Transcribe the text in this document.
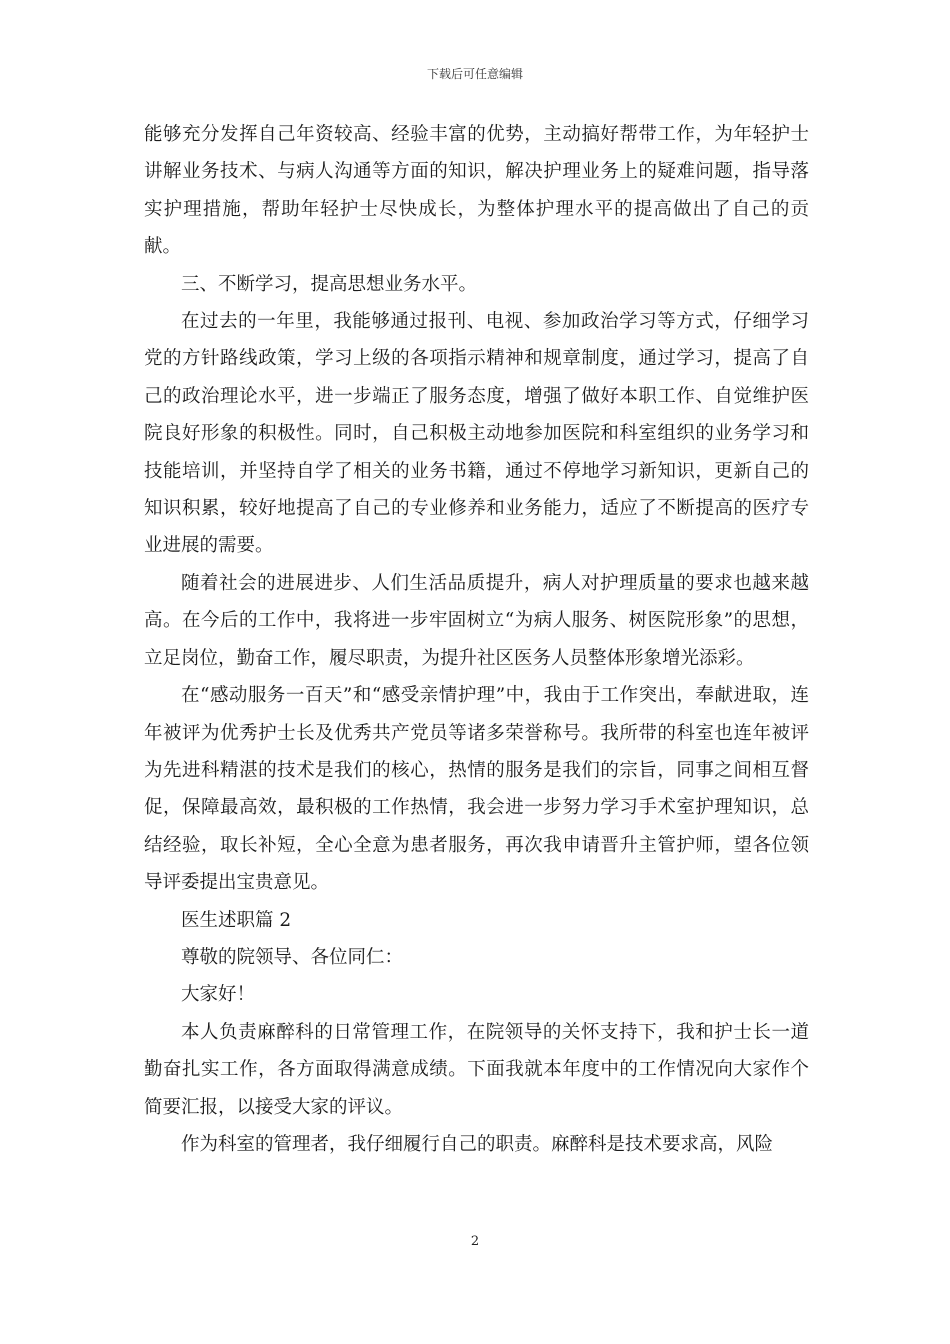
下载后可任意编辑

能够充分发挥自己年资较高、经验丰富的优势，主动搞好帮带工作，为年轻护士讲解业务技术、与病人沟通等方面的知识，解决护理业务上的疑难问题，指导落实护理措施，帮助年轻护士尽快成长，为整体护理水平的提高做出了自己的贡献。

三、不断学习，提高思想业务水平。

在过去的一年里，我能够通过报刊、电视、参加政治学习等方式，仔细学习党的方针路线政策，学习上级的各项指示精神和规章制度，通过学习，提高了自己的政治理论水平，进一步端正了服务态度，增强了做好本职工作、自觉维护医院良好形象的积极性。同时，自己积极主动地参加医院和科室组织的业务学习和技能培训，并坚持自学了相关的业务书籍，通过不停地学习新知识，更新自己的知识积累，较好地提高了自己的专业修养和业务能力，适应了不断提高的医疗专业进展的需要。

随着社会的进展进步、人们生活品质提升，病人对护理质量的要求也越来越高。在今后的工作中，我将进一步牢固树立“为病人服务、树医院形象”的思想，立足岗位，勤奋工作，履尽职责，为提升社区医务人员整体形象增光添彩。

在“感动服务一百天”和“感受亲情护理”中，我由于工作突出，奉献进取，连年被评为优秀护士长及优秀共产党员等诸多荣誉称号。我所带的科室也连年被评为先进科精湛的技术是我们的核心，热情的服务是我们的宗旨，同事之间相互督促，保障最高效，最积极的工作热情，我会进一步努力学习手术室护理知识，总结经验，取长补短，全心全意为患者服务，再次我申请晋升主管护师，望各位领导评委提出宝贵意见。

医生述职篇 2

尊敬的院领导、各位同仁：

大家好！

本人负责麻醉科的日常管理工作，在院领导的关怀支持下，我和护士长一道勤奋扎实工作，各方面取得满意成绩。下面我就本年度中的工作情况向大家作个简要汇报，以接受大家的评议。

作为科室的管理者，我仔细履行自己的职责。麻醉科是技术要求高，风险

2
